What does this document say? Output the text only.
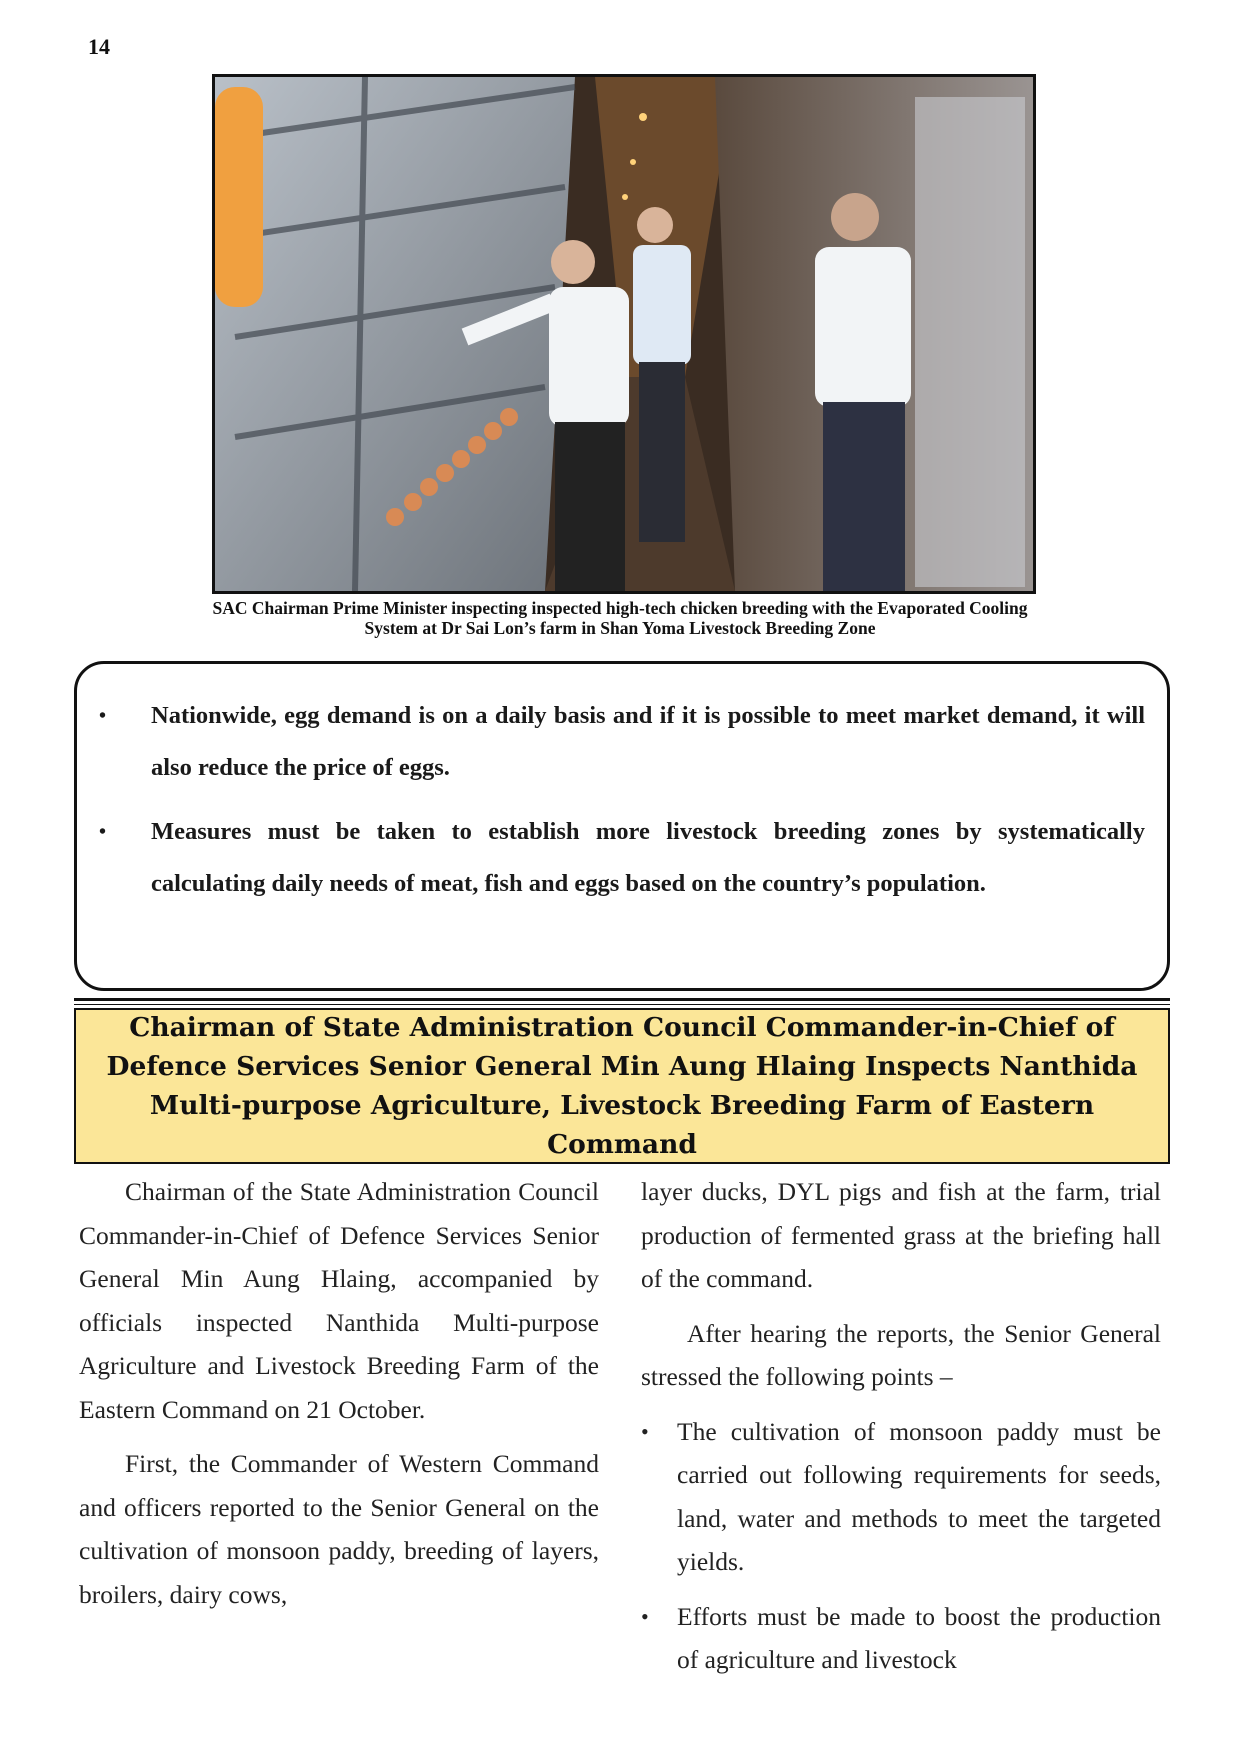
14
SAC Chairman Prime Minister inspecting inspected high-tech chicken breeding with the Evaporated Cooling
System at Dr Sai Lon’s farm in Shan Yoma Livestock Breeding Zone
• Nationwide, egg demand is on a daily basis and if it is possible to meet market demand, it will also reduce the price of eggs.
• Measures must be taken to establish more livestock breeding zones by systematically calculating daily needs of meat, fish and eggs based on the country’s population.
Chairman of State Administration Council Commander-in-Chief of Defence Services Senior General Min Aung Hlaing Inspects Nanthida Multi-purpose Agriculture, Livestock Breeding Farm of Eastern Command

Chairman of the State Administration Council Commander-in-Chief of Defence Services Senior General Min Aung Hlaing, accompanied by officials inspected Nanthida Multi-purpose Agriculture and Livestock Breeding Farm of the Eastern Command on 21 October.

First, the Commander of Western Command and officers reported to the Senior General on the cultivation of monsoon paddy, breeding of layers, broilers, dairy cows,

layer ducks, DYL pigs and fish at the farm, trial production of fermented grass at the briefing hall of the command.

After hearing the reports, the Senior General stressed the following points –

• The cultivation of monsoon paddy must be carried out following requirements for seeds, land, water and methods to meet the targeted yields.
• Efforts must be made to boost the production of agriculture and livestock
